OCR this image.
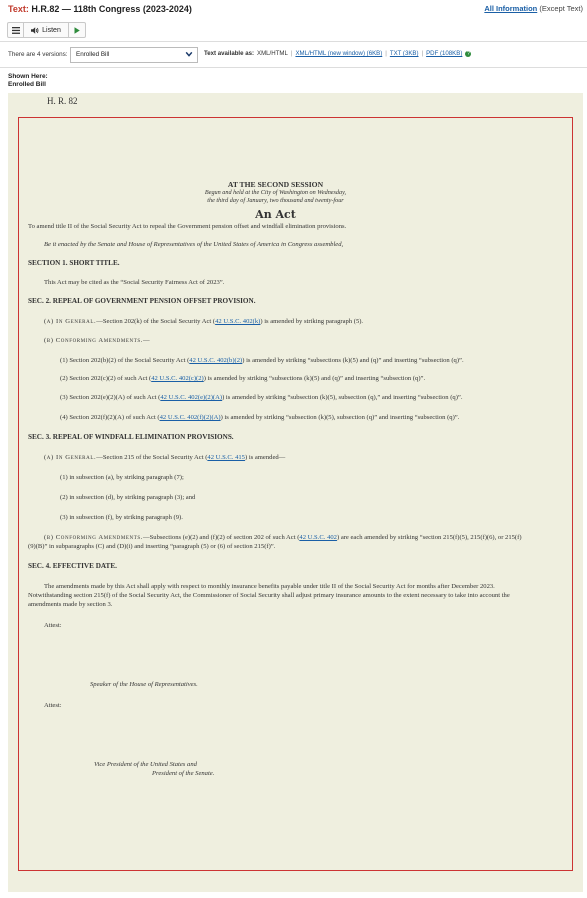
Text: H.R.82 — 118th Congress (2023-2024)	All Information (Except Text)
Listen
There are 4 versions: Enrolled Bill	Text available as: XML/HTML | XML/HTML (new window) (6KB) | TXT (3KB) | PDF (108KB) ?
Shown Here:
Enrolled Bill
H. R. 82

AT THE SECOND SESSION

Begun and held at the City of Washington on Wednesday,

the third day of January, two thousand and twenty-four

An Act

To amend title II of the Social Security Act to repeal the Government pension offset and windfall elimination provisions.

Be it enacted by the Senate and House of Representatives of the United States of America in Congress assembled,

SECTION 1. SHORT TITLE.

This Act may be cited as the “Social Security Fairness Act of 2023”.

SEC. 2. REPEAL OF GOVERNMENT PENSION OFFSET PROVISION.

(a) In General.—Section 202(k) of the Social Security Act (42 U.S.C. 402(k)) is amended by striking paragraph (5).

(b) Conforming Amendments.—

(1) Section 202(b)(2) of the Social Security Act (42 U.S.C. 402(b)(2)) is amended by striking “subsections (k)(5) and (q)” and inserting “subsection (q)”.

(2) Section 202(c)(2) of such Act (42 U.S.C. 402(c)(2)) is amended by striking “subsections (k)(5) and (q)” and inserting “subsection (q)”.

(3) Section 202(e)(2)(A) of such Act (42 U.S.C. 402(e)(2)(A)) is amended by striking “subsection (k)(5), subsection (q),” and inserting “subsection (q)”.

(4) Section 202(f)(2)(A) of such Act (42 U.S.C. 402(f)(2)(A)) is amended by striking “subsection (k)(5), subsection (q)” and inserting “subsection (q)”.

SEC. 3. REPEAL OF WINDFALL ELIMINATION PROVISIONS.

(a) In General.—Section 215 of the Social Security Act (42 U.S.C. 415) is amended—

(1) in subsection (a), by striking paragraph (7);

(2) in subsection (d), by striking paragraph (3); and

(3) in subsection (f), by striking paragraph (9).

(b) Conforming Amendments.—Subsections (e)(2) and (f)(2) of section 202 of such Act (42 U.S.C. 402) are each amended by striking “section 215(f)(5), 215(f)(6), or 215(f)(9)(B)” in subparagraphs (C) and (D)(i) and inserting “paragraph (5) or (6) of section 215(f)”.

SEC. 4. EFFECTIVE DATE.

The amendments made by this Act shall apply with respect to monthly insurance benefits payable under title II of the Social Security Act for months after December 2023. Notwithstanding section 215(f) of the Social Security Act, the Commissioner of Social Security shall adjust primary insurance amounts to the extent necessary to take into account the amendments made by section 3.

Attest:

Speaker of the House of Representatives.

Attest:

Vice President of the United States and

President of the Senate.
